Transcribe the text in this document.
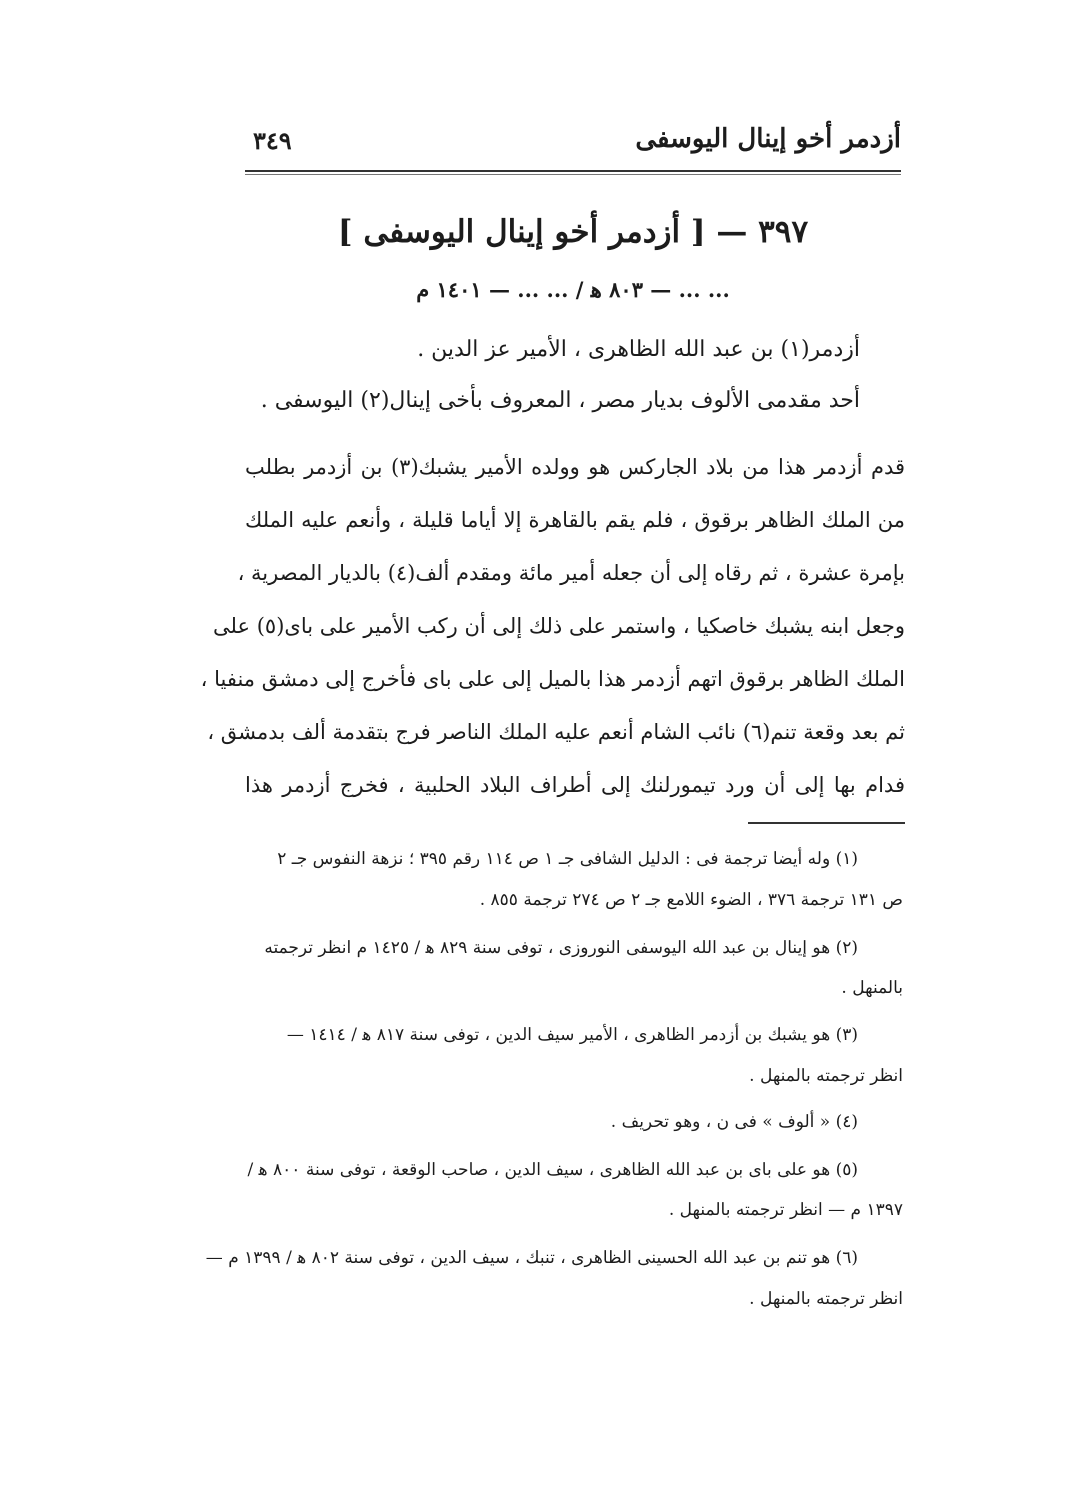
أزدمر أخو إينال اليوسفى
٣٤٩
٣٩٧ — [ أزدمر أخو إينال اليوسفى ]
... ... — ٨٠٣ ﻫ / ... ... — ١٤٠١ م
أزدمر(١) بن عبد الله الظاهرى ، الأمير عز الدين .
أحد مقدمى الألوف بديار مصر ، المعروف بأخى إينال(٢) اليوسفى .
قدم أزدمر هذا من بلاد الجاركس هو وولده الأمير يشبك(٣) بن أزدمر بطلب
من الملك الظاهر برقوق ، فلم يقم بالقاهرة إلا أياما قليلة ، وأنعم عليه الملك
بإمرة عشرة ، ثم رقاه إلى أن جعله أمير مائة ومقدم ألف(٤) بالديار المصرية ،
وجعل ابنه يشبك خاصكيا ، واستمر على ذلك إلى أن ركب الأمير على باى(٥) على
الملك الظاهر برقوق اتهم أزدمر هذا بالميل إلى على باى فأخرج إلى دمشق منفيا ،
ثم بعد وقعة تنم(٦) نائب الشام أنعم عليه الملك الناصر فرج بتقدمة ألف بدمشق ،
فدام بها إلى أن ورد تيمورلنك إلى أطراف البلاد الحلبية ، فخرج أزدمر هذا
(١) وله أيضا ترجمة فى : الدليل الشافى جـ ١ ص ١١٤ رقم ٣٩٥ ؛ نزهة النفوس جـ ٢
ص ١٣١ ترجمة ٣٧٦ ، الضوء اللامع جـ ٢ ص ٢٧٤ ترجمة ٨٥٥ .
(٢) هو إينال بن عبد الله اليوسفى النوروزى ، توفى سنة ٨٢٩ ﻫ / ١٤٢٥ م انظر ترجمته
بالمنهل .
(٣) هو يشبك بن أزدمر الظاهرى ، الأمير سيف الدين ، توفى سنة ٨١٧ ﻫ / ١٤١٤ —
انظر ترجمته بالمنهل .
(٤) « ألوف » فى ن ، وهو تحريف .
(٥) هو على باى بن عبد الله الظاهرى ، سيف الدين ، صاحب الوقعة ، توفى سنة ٨٠٠ ﻫ /
١٣٩٧ م — انظر ترجمته بالمنهل .
(٦) هو تنم بن عبد الله الحسينى الظاهرى ، تنبك ، سيف الدين ، توفى سنة ٨٠٢ ﻫ / ١٣٩٩ م —
انظر ترجمته بالمنهل .
